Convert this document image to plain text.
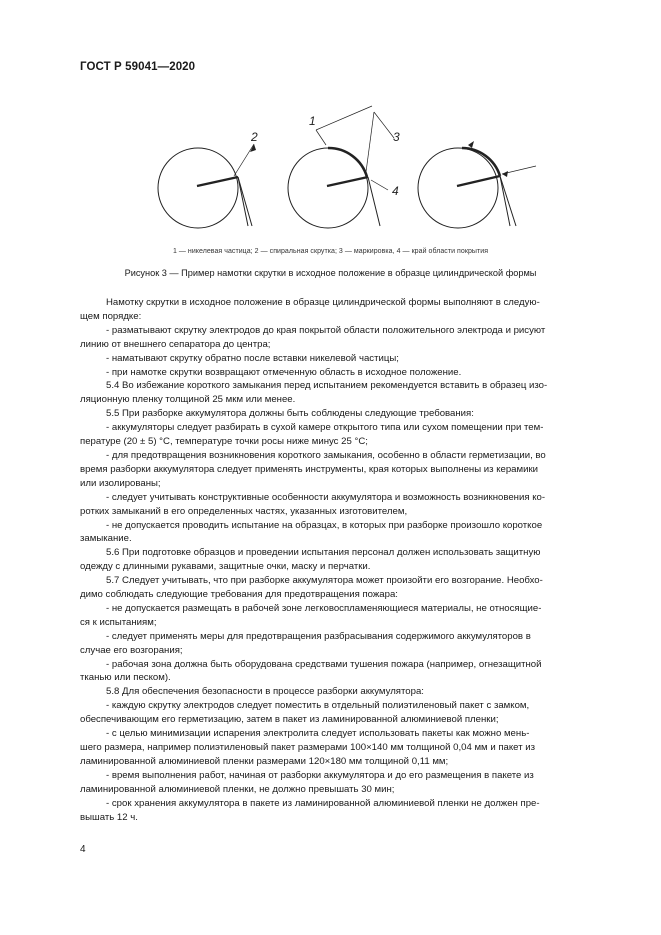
ГОСТ Р 59041—2020
2
1
3
4
1 — никелевая частица; 2 — спиральная скрутка; 3 — маркировка, 4 — край области покрытия
Рисунок 3 — Пример намотки скрутки в исходное положение в образце цилиндрической формы

Намотку скрутки в исходное положение в образце цилиндрической формы выполняют в следую-

щем порядке:

- разматывают скрутку электродов до края покрытой области положительного электрода и рисуют

линию от внешнего сепаратора до центра;

- наматывают скрутку обратно после вставки никелевой частицы;

- при намотке скрутки возвращают отмеченную область в исходное положение.

5.4 Во избежание короткого замыкания перед испытанием рекомендуется вставить в образец изо-

ляционную пленку толщиной 25 мкм или менее.

5.5 При разборке аккумулятора должны быть соблюдены следующие требования:

- аккумуляторы следует разбирать в сухой камере открытого типа или сухом помещении при тем-

пературе (20 ± 5) °С, температуре точки росы ниже минус 25 °С;

- для предотвращения возникновения короткого замыкания, особенно в области герметизации, во

время разборки аккумулятора следует применять инструменты, края которых выполнены из керамики

или изолированы;

- следует учитывать конструктивные особенности аккумулятора и возможность возникновения ко-

ротких замыканий в его определенных частях, указанных изготовителем,

- не допускается проводить испытание на образцах, в которых при разборке произошло короткое

замыкание.

5.6 При подготовке образцов и проведении испытания персонал должен использовать защитную

одежду с длинными рукавами, защитные очки, маску и перчатки.

5.7 Следует учитывать, что при разборке аккумулятора может произойти его возгорание. Необхо-

димо соблюдать следующие требования для предотвращения пожара:

- не допускается размещать в рабочей зоне легковоспламеняющиеся материалы, не относящие-

ся к испытаниям;

- следует применять меры для предотвращения разбрасывания содержимого аккумуляторов в

случае его возгорания;

- рабочая зона должна быть оборудована средствами тушения пожара (например, огнезащитной

тканью или песком).

5.8 Для обеспечения безопасности в процессе разборки аккумулятора:

- каждую скрутку электродов следует поместить в отдельный полиэтиленовый пакет с замком,

обеспечивающим его герметизацию, затем в пакет из ламинированной алюминиевой пленки;

- с целью минимизации испарения электролита следует использовать пакеты как можно мень-

шего размера, например полиэтиленовый пакет размерами 100×140 мм толщиной 0,04 мм и пакет из

ламинированной алюминиевой пленки размерами 120×180 мм толщиной 0,11 мм;

- время выполнения работ, начиная от разборки аккумулятора и до его размещения в пакете из

ламинированной алюминиевой пленки, не должно превышать 30 мин;

- срок хранения аккумулятора в пакете из ламинированной алюминиевой пленки не должен пре-

вышать 12 ч.

4
